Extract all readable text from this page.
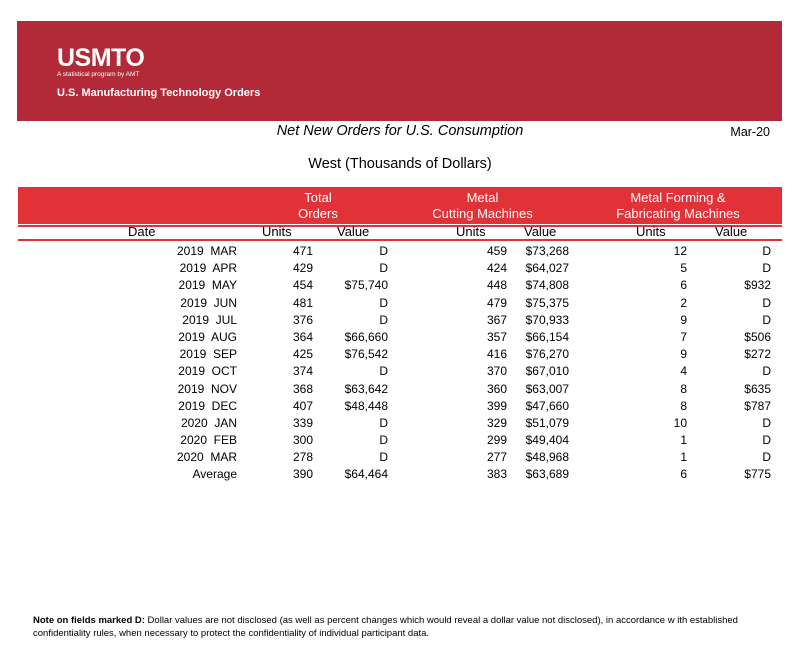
USMTO
A statistical program by AMT
U.S. Manufacturing Technology Orders
Net New Orders for U.S. Consumption	Mar-20
West (Thousands of Dollars)
Total
Orders
Metal
Cutting Machines
Metal Forming &
Fabricating Machines
Date	Units	Value	Units	Value	Units	Value
2019  MAR	471	D	459 $73,268	12	D
2019  APR	429	D	424 $64,027	5	D
2019  MAY	454	$75,740	448 $74,808	6	$932
2019  JUN	481	D	479 $75,375	2	D
2019  JUL	376	D	367 $70,933	9	D
2019  AUG	364	$66,660	357 $66,154	7	$506
2019  SEP	425	$76,542	416 $76,270	9	$272
2019  OCT	374	D	370 $67,010	4	D
2019  NOV	368	$63,642	360 $63,007	8	$635
2019  DEC	407	$48,448	399 $47,660	8	$787
2020  JAN	339	D	329 $51,079	10	D
2020  FEB	300	D	299 $49,404	1	D
2020  MAR	278	D	277 $48,968	1	D
Average	390	$64,464	383 $63,689	6	$775
Note on fields marked D: Dollar values are not disclosed (as well as percent changes which would reveal a dollar value not disclosed), in accordance w ith established confidentiality rules, when necessary to protect the confidentiality of individual participant data.
